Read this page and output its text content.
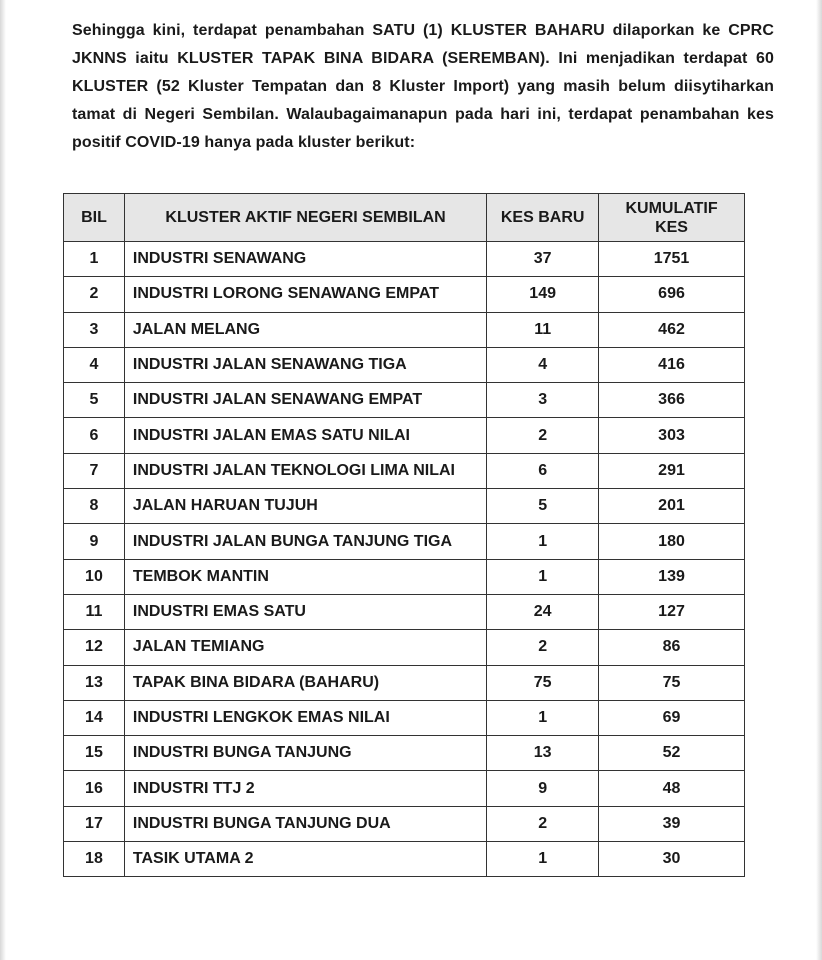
Sehingga kini, terdapat penambahan SATU (1) KLUSTER BAHARU dilaporkan ke CPRC JKNNS iaitu KLUSTER TAPAK BINA BIDARA (SEREMBAN). Ini menjadikan terdapat 60 KLUSTER (52 Kluster Tempatan dan 8 Kluster Import) yang masih belum diisytiharkan tamat di Negeri Sembilan. Walaubagaimanapun pada hari ini, terdapat penambahan kes positif COVID-19 hanya pada kluster berikut:

BIL	KLUSTER AKTIF NEGERI SEMBILAN	KES BARU	KUMULATIF KES
1	INDUSTRI SENAWANG	37	1751
2	INDUSTRI LORONG SENAWANG EMPAT	149	696
3	JALAN MELANG	11	462
4	INDUSTRI JALAN SENAWANG TIGA	4	416
5	INDUSTRI JALAN SENAWANG EMPAT	3	366
6	INDUSTRI JALAN EMAS SATU NILAI	2	303
7	INDUSTRI JALAN TEKNOLOGI LIMA NILAI	6	291
8	JALAN HARUAN TUJUH	5	201
9	INDUSTRI JALAN BUNGA TANJUNG TIGA	1	180
10	TEMBOK MANTIN	1	139
11	INDUSTRI EMAS SATU	24	127
12	JALAN TEMIANG	2	86
13	TAPAK BINA BIDARA (BAHARU)	75	75
14	INDUSTRI LENGKOK EMAS NILAI	1	69
15	INDUSTRI BUNGA TANJUNG	13	52
16	INDUSTRI TTJ 2	9	48
17	INDUSTRI BUNGA TANJUNG DUA	2	39
18	TASIK UTAMA 2	1	30
